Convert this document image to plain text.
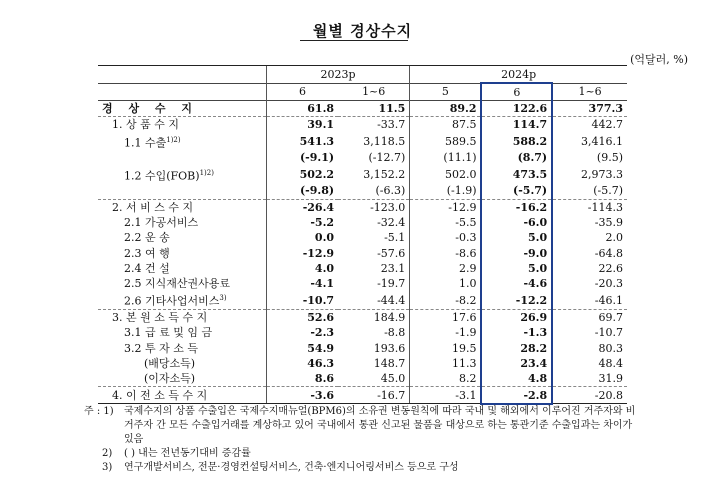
월별 경상수지
(억달러, %)
	2023p		2024p		
	6	1~6	5	6	1~6
경 상 수 지	61.8	11.5	89.2	122.6	377.3
1. 상 품 수 지	39.1	-33.7	87.5	114.7	442.7
1.1 수출$^{1)2)}$	541.3	3,118.5	589.5	588.2	3,416.1
	(-9.1)	(-12.7)	(11.1)	(8.7)	(9.5)
1.2 수입(FOB)$^{1)2)}$	502.2	3,152.2	502.0	473.5	2,973.3
	(-9.8)	(-6.3)	(-1.9)	(-5.7)	(-5.7)
2. 서 비 스 수 지	-26.4	-123.0	-12.9	-16.2	-114.3
2.1 가공서비스	-5.2	-32.4	-5.5	-6.0	-35.9
2.2 운 송	0.0	-5.1	-0.3	5.0	2.0
2.3 여 행	-12.9	-57.6	-8.6	-9.0	-64.8
2.4 건 설	4.0	23.1	2.9	5.0	22.6
2.5 지식재산권사용료	-4.1	-19.7	1.0	-4.6	-20.3
2.6 기타사업서비스$^{3)}$	-10.7	-44.4	-8.2	-12.2	-46.1
3. 본 원 소 득 수 지	52.6	184.9	17.6	26.9	69.7
3.1 급 료 및 임 금	-2.3	-8.8	-1.9	-1.3	-10.7
3.2 투 자 소 득	54.9	193.6	19.5	28.2	80.3
(배당소득)	46.3	148.7	11.3	23.4	48.4
(이자소득)	8.6	45.0	8.2	4.8	31.9
4. 이 전 소 득 수 지	-3.6	-16.7	-3.1	-2.8	-20.8
주 : 1)	국제수지의 상품 수출입은 국제수지매뉴얼(BPM6)의 소유권 변동원칙에 따라 국내 및 해외에서 이루어진 거주자와 비거주자 간 모든 수출입거래를 계상하고 있어 국내에서 통관 신고된 물품을 대상으로 하는 통관기준 수출입과는 차이가 있음
2)	( ) 내는 전년동기대비 증감률
3)	연구개발서비스, 전문·경영컨설팅서비스, 건축·엔지니어링서비스 등으로 구성
